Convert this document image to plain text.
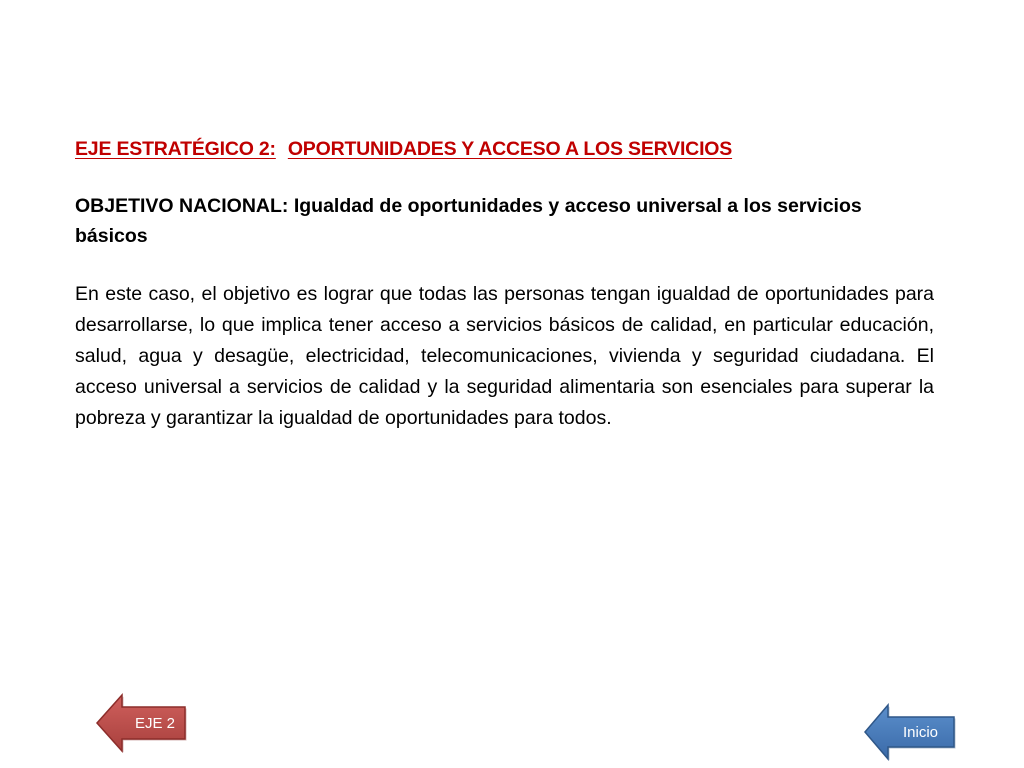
EJE ESTRATÉGICO 2: OPORTUNIDADES Y ACCESO A LOS SERVICIOS

OBJETIVO NACIONAL: Igualdad de oportunidades y acceso universal a los servicios básicos

En este caso, el objetivo es lograr que todas las personas tengan igualdad de oportunidades para desarrollarse, lo que implica tener acceso a servicios básicos de calidad, en particular educación, salud, agua y desagüe, electricidad, telecomunicaciones, vivienda y seguridad ciudadana. El acceso universal a servicios de calidad y la seguridad alimentaria son esenciales para superar la pobreza y garantizar la igualdad de oportunidades para todos.

EJE 2
Inicio
